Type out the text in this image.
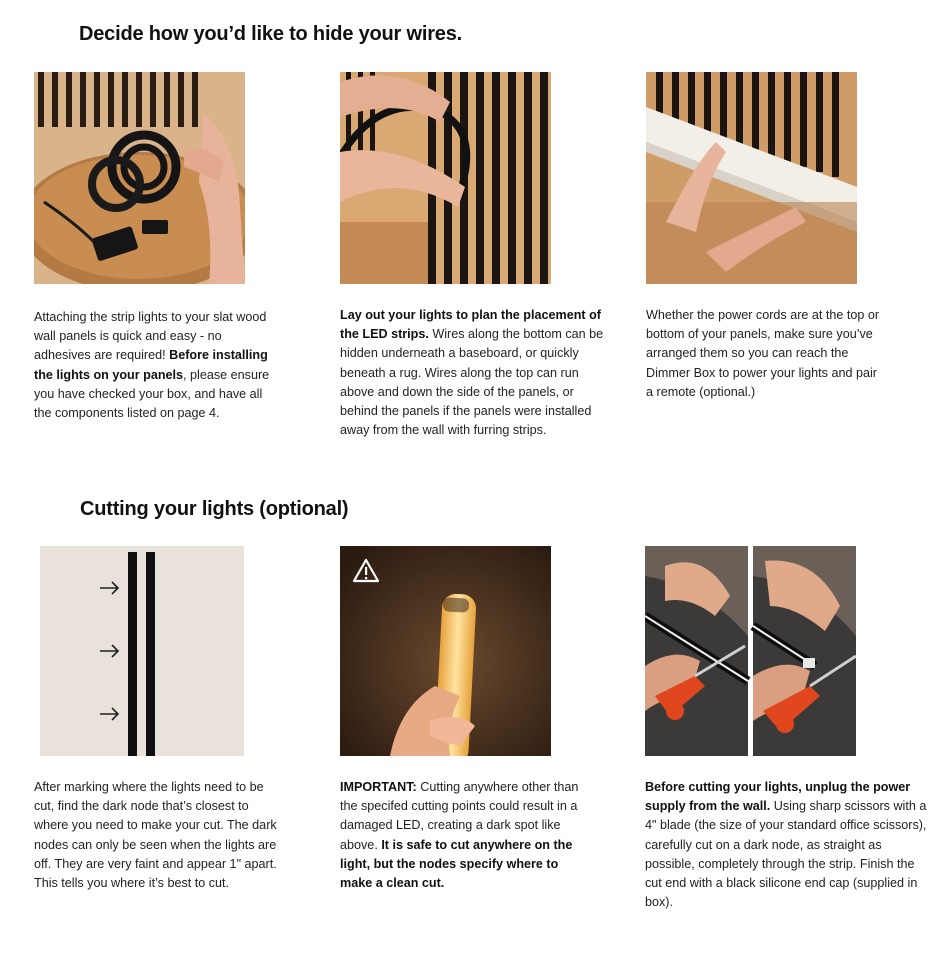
Decide how you’d like to hide your wires.

Attaching the strip lights to your slat wood wall panels is quick and easy - no adhesives are required! Before installing the lights on your panels, please ensure you have checked your box, and have all the components listed on page 4.

Lay out your lights to plan the placement of the LED strips. Wires along the bottom can be hidden underneath a baseboard, or quickly beneath a rug. Wires along the top can run above and down the side of the panels, or behind the panels if the panels were installed away from the wall with furring strips.

Whether the power cords are at the top or bottom of your panels, make sure you’ve arranged them so you can reach the Dimmer Box to power your lights and pair a remote (optional.)

Cutting your lights (optional)

After marking where the lights need to be cut, find the dark node that’s closest to where you need to make your cut. The dark nodes can only be seen when the lights are off. They are very faint and appear 1" apart. This tells you where it’s best to cut.

IMPORTANT: Cutting anywhere other than the specifed cutting points could result in a damaged LED, creating a dark spot like above. It is safe to cut anywhere on the light, but the nodes specify where to make a clean cut.

Before cutting your lights, unplug the power supply from the wall. Using sharp scissors with a 4" blade (the size of your standard office scissors), carefully cut on a dark node, as straight as possible, completely through the strip. Finish the cut end with a black silicone end cap (supplied in box).
